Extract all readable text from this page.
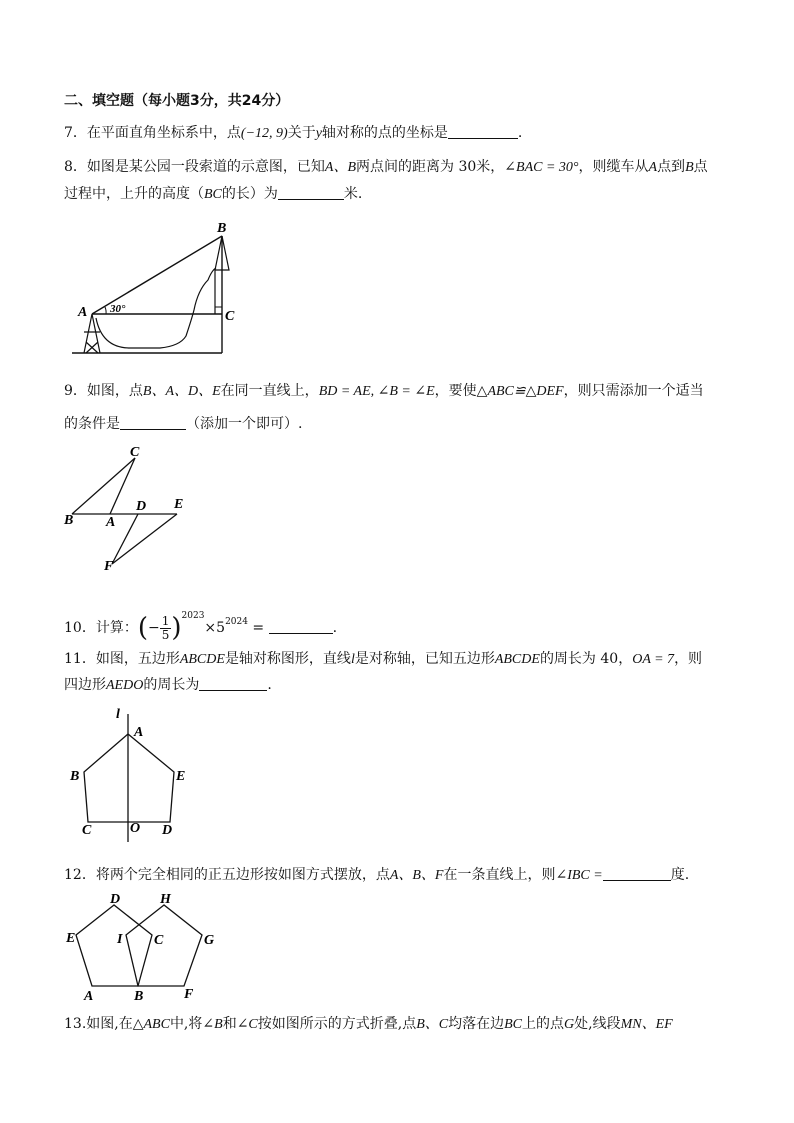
二、填空题（每小题3分，共24分）
7．在平面直角坐标系中，点(−12, 9)关于y轴对称的点的坐标是	.
8．如图是某公园一段索道的示意图，已知A、B两点间的距离为 30米，∠BAC = 30°，则缆车从A点到B点
过程中，上升的高度（BC的长）为	米.
B
A	C
30°
9．如图，点B、A、D、E在同一直线上，BD = AE, ∠B = ∠E，要使△ABC≌△DEF，则只需添加一个适当
的条件是	（添加一个即可）.
C
B A
D E
F
10．计算：(− $\frac{1}{5} )^{2023}\times 5^{2024}$ =	.
11．如图，五边形ABCDE是轴对称图形，直线l是对称轴，已知五边形ABCDE的周长为 40，OA = 7，则
四边形AEDO的周长为	.
l
A
B	E
C	O D
12．将两个完全相同的正五边形按如图方式摆放，点A、B、F在一条直线上，则∠IBC =	度.
D	H
E	I C	G
A	B	F
13.如图,在△ABC中,将∠B和∠C按如图所示的方式折叠,点B、C均落在边BC上的点G处,线段MN、EF
